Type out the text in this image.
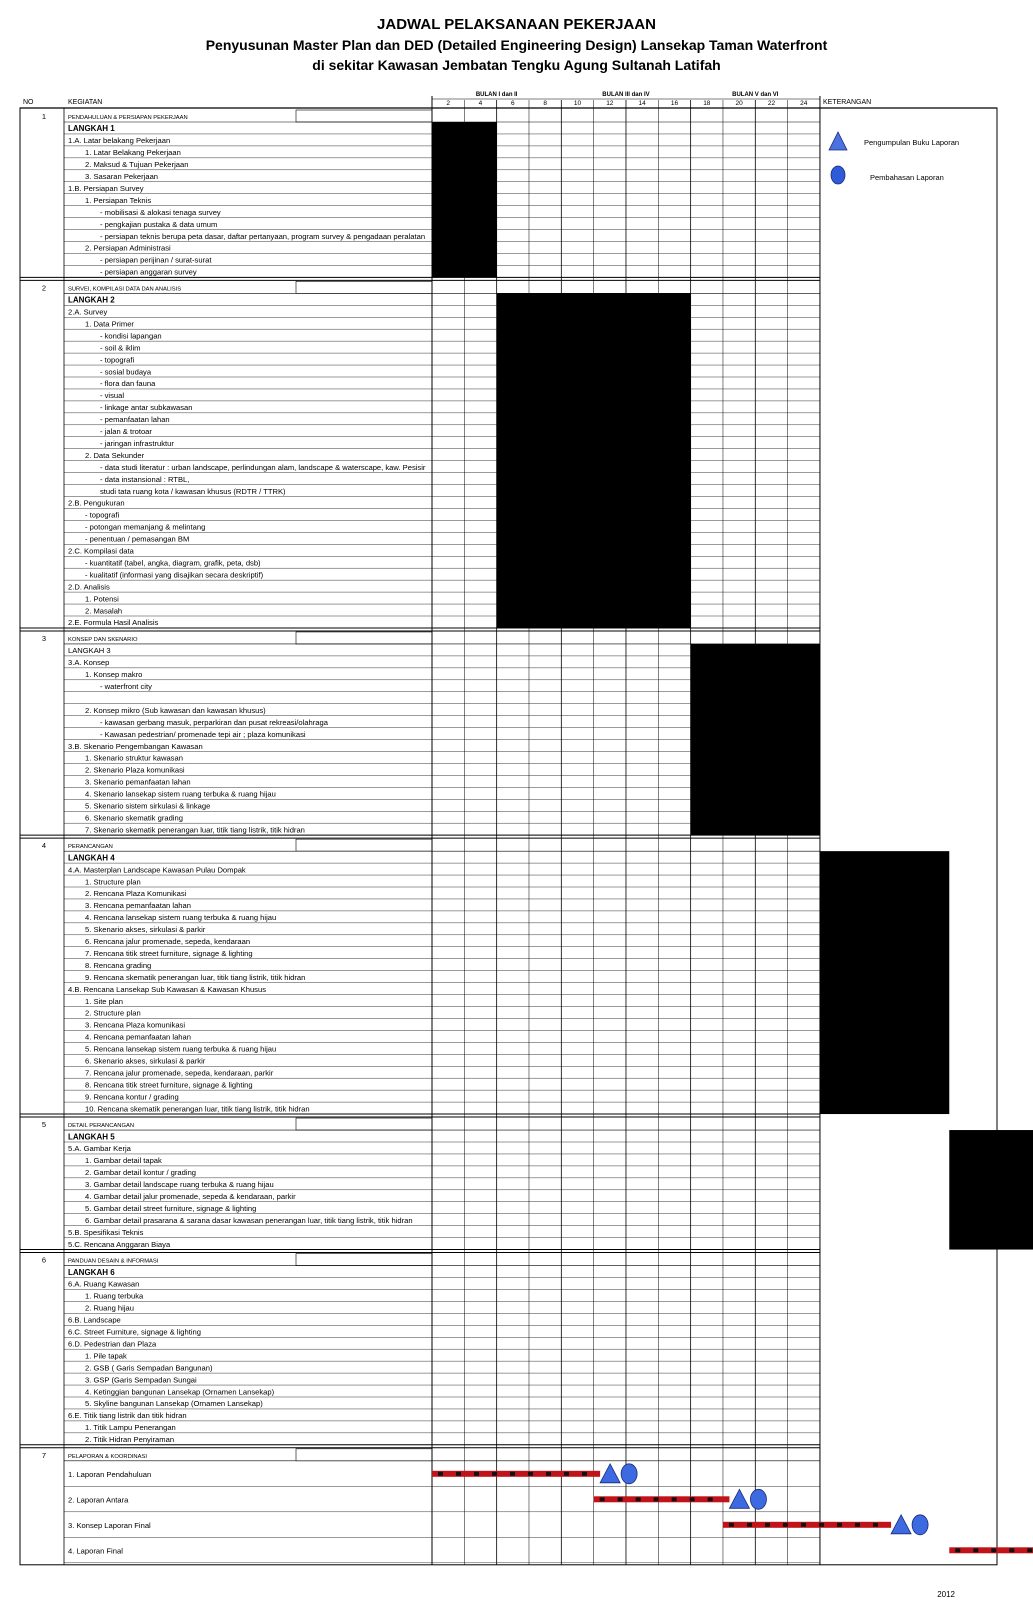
JADWAL PELAKSANAAN PEKERJAAN
Penyusunan Master Plan dan DED (Detailed Engineering Design) Lansekap Taman Waterfront
di sekitar Kawasan Jembatan Tengku Agung Sultanah Latifah
NO	KEGIATAN	KETERANGAN
BULAN I dan II	BULAN III dan IV	BULAN V dan VI
2	4	6	8	10	12	14	16	18	20	22	24
1	PENDAHULUAN & PERSIAPAN PEKERJAAN
LANGKAH 1
1.A. Latar belakang Pekerjaan
1. Latar Belakang Pekerjaan
2. Maksud & Tujuan Pekerjaan
3. Sasaran Pekerjaan
1.B. Persiapan Survey
1. Persiapan Teknis
- mobilisasi & alokasi tenaga survey
- pengkajian pustaka & data umum
- persiapan teknis berupa peta dasar, daftar pertanyaan, program survey & pengadaan peralatan
2. Persiapan Administrasi
- persiapan perijinan / surat-surat
- persiapan anggaran survey
2	SURVEI, KOMPILASI DATA DAN ANALISIS
LANGKAH 2
2.A. Survey
1. Data Primer
- kondisi lapangan
- soil & iklim
- topografi
- sosial budaya
- flora dan fauna
- visual
- linkage antar subkawasan
- pemanfaatan lahan
- jalan & trotoar
- jaringan infrastruktur
2. Data Sekunder
- data studi literatur : urban landscape, perlindungan alam, landscape & waterscape, kaw. Pesisir
- data instansional : RTBL,
studi tata ruang kota / kawasan khusus (RDTR / TTRK)
2.B. Pengukuran
- topografi
- potongan memanjang & melintang
- penentuan / pemasangan BM
2.C. Kompilasi data
- kuantitatif (tabel, angka, diagram, grafik, peta, dsb)
- kualitatif (informasi yang disajikan secara deskriptif)
2.D. Analisis
1. Potensi
2. Masalah
2.E. Formula Hasil Analisis
3	KONSEP DAN SKENARIO
LANGKAH 3
3.A. Konsep
1. Konsep makro
- waterfront city
2. Konsep mikro (Sub kawasan dan kawasan khusus)
- kawasan gerbang masuk, perparkiran dan pusat rekreasi/olahraga
- Kawasan pedestrian/ promenade tepi air ; plaza komunikasi
3.B. Skenario Pengembangan Kawasan
1. Skenario struktur kawasan
2. Skenario Plaza komunikasi
3. Skenario pemanfaatan lahan
4. Skenario lansekap sistem ruang terbuka & ruang hijau
5. Skenario sistem sirkulasi & linkage
6. Skenario skematik grading
7. Skenario skematik penerangan luar, titik tiang listrik, titik hidran
4	PERANCANGAN
LANGKAH 4
4.A. Masterplan Landscape Kawasan Pulau Dompak
1. Structure plan
2. Rencana Plaza Komunikasi
3. Rencana pemanfaatan lahan
4. Rencana lansekap sistem ruang terbuka & ruang hijau
5. Skenario akses, sirkulasi & parkir
6. Rencana jalur promenade, sepeda, kendaraan
7. Rencana titik street furniture, signage & lighting
8. Rencana grading
9. Rencana skematik penerangan luar, titik tiang listrik, titik hidran
4.B. Rencana Lansekap Sub Kawasan & Kawasan Khusus
1. Site plan
2. Structure plan
3. Rencana Plaza komunikasi
4. Rencana pemanfaatan lahan
5. Rencana lansekap sistem ruang terbuka & ruang hijau
6. Skenario akses, sirkulasi & parkir
7. Rencana jalur promenade, sepeda, kendaraan, parkir
8. Rencana titik street furniture, signage & lighting
9. Rencana kontur / grading
10. Rencana skematik penerangan luar, titik tiang listrik, titik hidran
5	DETAIL PERANCANGAN
LANGKAH 5
5.A. Gambar Kerja
1. Gambar detail tapak
2. Gambar detail kontur / grading
3. Gambar detail landscape ruang terbuka & ruang hijau
4. Gambar detail jalur promenade, sepeda & kendaraan, parkir
5. Gambar detail street furniture, signage & lighting
6. Gambar detail prasarana & sarana dasar kawasan penerangan luar, titik tiang listrik, titik hidran
5.B. Spesifikasi Teknis
5.C. Rencana Anggaran Biaya
6	PANDUAN DESAIN & INFORMASI
LANGKAH 6
6.A. Ruang Kawasan
1. Ruang terbuka
2. Ruang hijau
6.B. Landscape
6.C. Street Furniture, signage & lighting
6.D. Pedestrian dan Plaza
1. Pile tapak
2. GSB ( Garis Sempadan Bangunan)
3. GSP (Garis Sempadan Sungai
4. Ketinggian bangunan Lansekap (Ornamen Lansekap)
5. Skyline bangunan Lansekap (Ornamen Lansekap)
6.E. Titik tiang listrik dan titik hidran
1. Titik Lampu Penerangan
2. Titik Hidran Penyiraman
7	PELAPORAN & KOORDINASI
1. Laporan Pendahuluan
2. Laporan Antara
3. Konsep Laporan Final
4. Laporan Final
Pengumpulan Buku Laporan
Pembahasan Laporan
2012
